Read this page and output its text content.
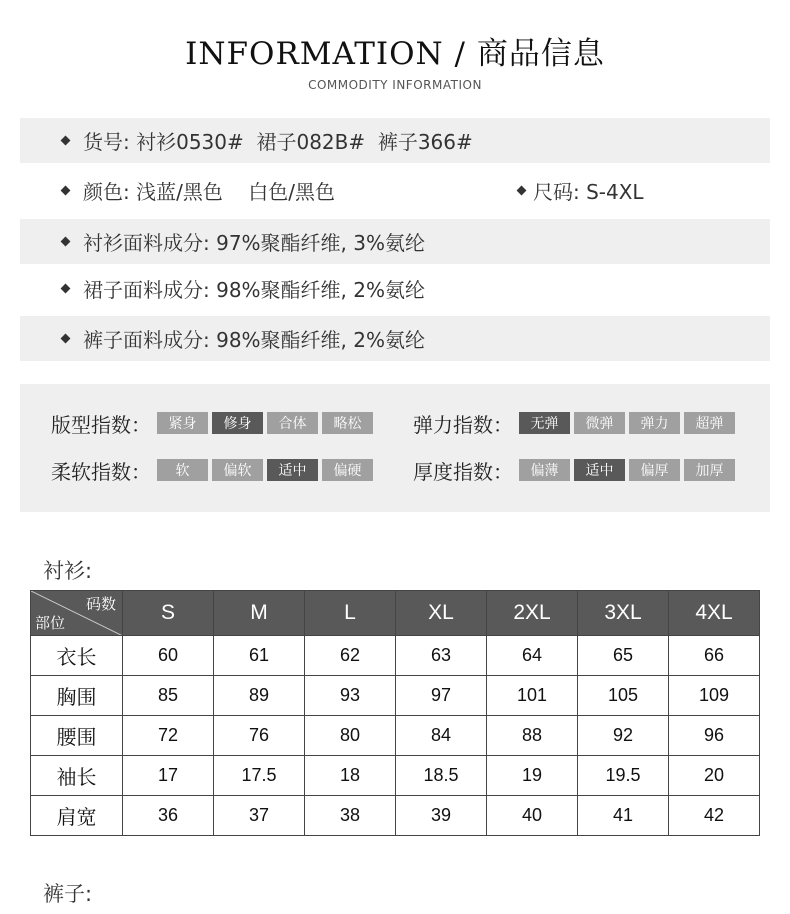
INFORMATION / 商品信息
COMMODITY INFORMATION
货号: 衬衫0530#  裙子082B#  裤子366#
颜色: 浅蓝/黑色    白色/黑色	尺码: S-4XL
衬衫面料成分: 97%聚酯纤维, 3%氨纶
裙子面料成分: 98%聚酯纤维, 2%氨纶
裤子面料成分: 98%聚酯纤维, 2%氨纶
版型指数：	紧身	修身	合体	略松	弹力指数：	无弹	微弹	弹力	超弹
柔软指数：	软	偏软	适中	偏硬	厚度指数：	偏薄	适中	偏厚	加厚
衬衫:
码数
部位	S	M	L	XL	2XL	3XL	4XL
衣长	60	61	62	63	64	65	66
胸围	85	89	93	97	101	105	109
腰围	72	76	80	84	88	92	96
袖长	17	17.5	18	18.5	19	19.5	20
肩宽	36	37	38	39	40	41	42
裤子:
